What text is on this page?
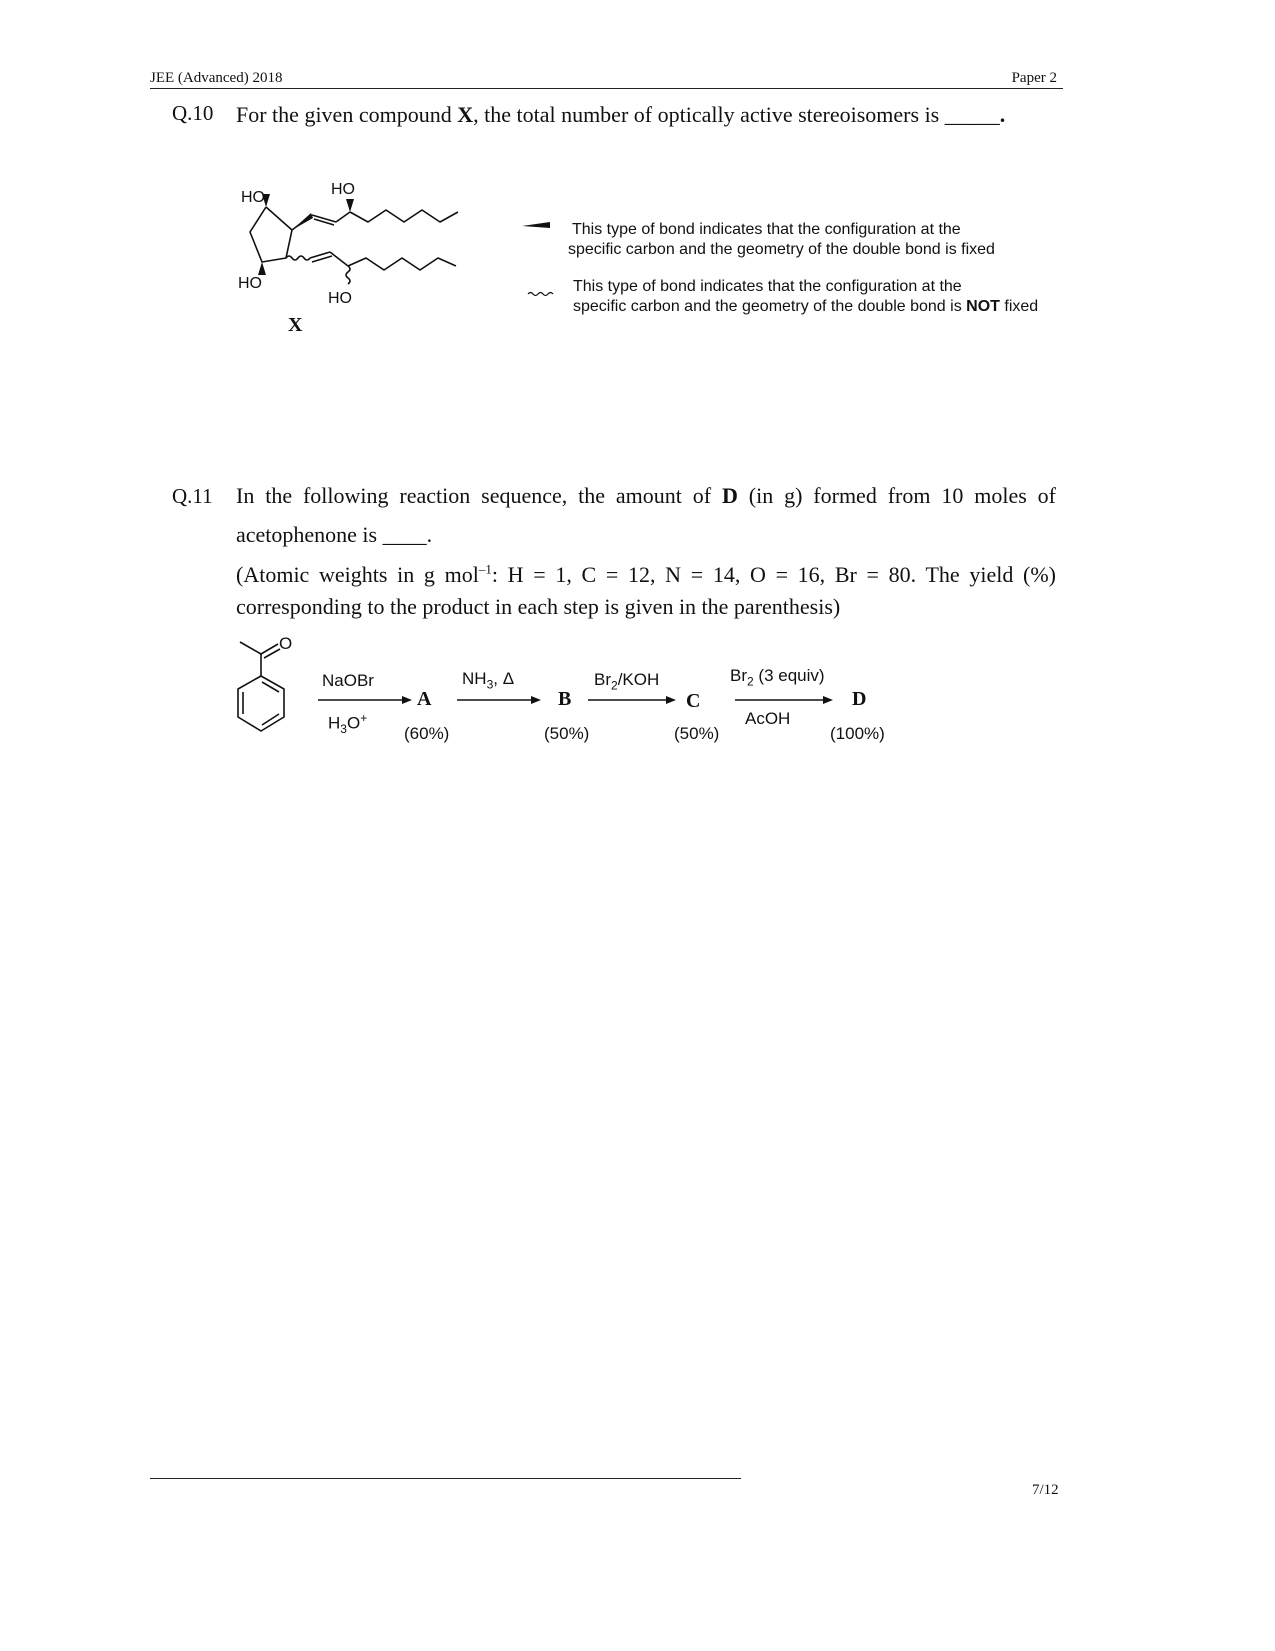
JEE (Advanced) 2018	Paper 2
Q.10 For the given compound X, the total number of optically active stereoisomers is _____.
HO	HO
HO
HO
X
This type of bond indicates that the configuration at the
specific carbon and the geometry of the double bond is fixed
This type of bond indicates that the configuration at the
specific carbon and the geometry of the double bond is NOT fixed
Q.11 In the following reaction sequence, the amount of D (in g) formed from 10 moles of
acetophenone is ____.
(Atomic weights in g mol$^{-1}$: H = 1, C = 12, N = 14, O = 16, Br = 80. The yield (%)
corresponding to the product in each step is given in the parenthesis)
O
NaOBr
$H_3O^+$
A
(60%)
$NH_3$, Δ
B
(50%)
$Br_2$/KOH
C
(50%)
$Br_2$ (3 equiv)
AcOH
D
(100%)
7/12
